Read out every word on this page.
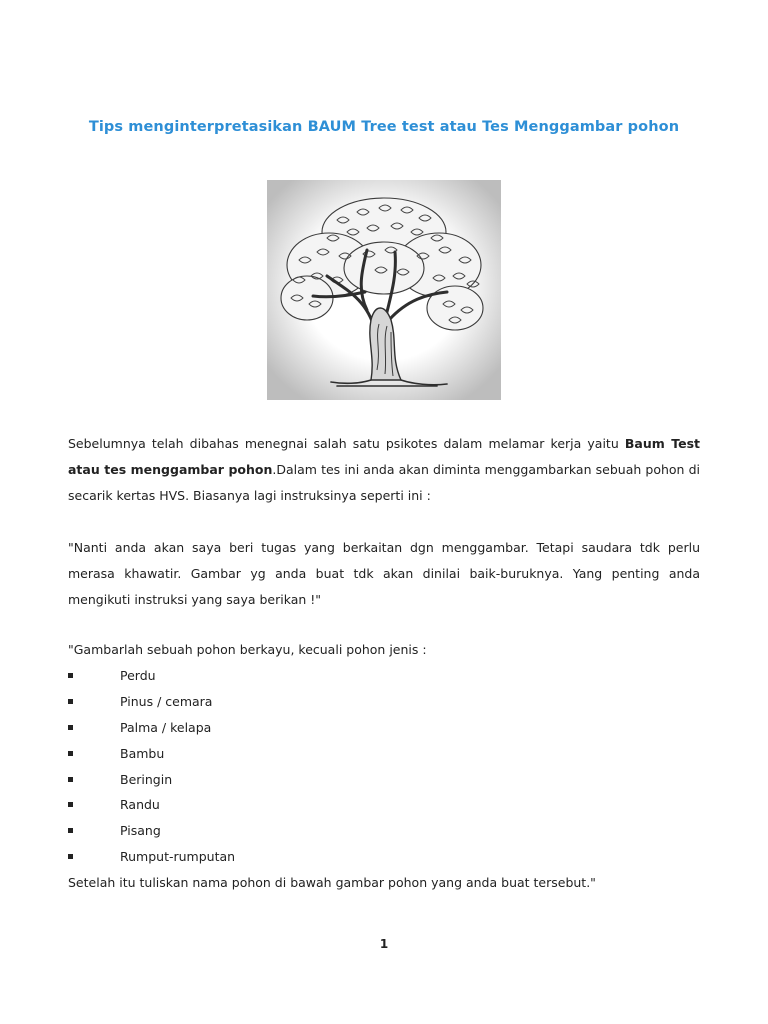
Tips menginterpretasikan BAUM Tree test atau Tes Menggambar pohon
Sebelumnya telah dibahas menegnai salah satu psikotes dalam melamar kerja yaitu Baum Test atau tes menggambar pohon.Dalam tes ini anda akan diminta menggambarkan sebuah pohon di secarik kertas HVS. Biasanya lagi instruksinya seperti ini :
"Nanti anda akan saya beri tugas yang berkaitan dgn menggambar. Tetapi saudara tdk perlu merasa khawatir. Gambar yg anda buat tdk akan dinilai baik-buruknya. Yang penting anda mengikuti instruksi yang saya berikan !"

"Gambarlah sebuah pohon berkayu, kecuali pohon jenis :

Perdu
Pinus / cemara
Palma / kelapa
Bambu
Beringin
Randu
Pisang
Rumput-rumputan

Setelah itu tuliskan nama pohon di bawah gambar pohon yang anda buat tersebut."

1
